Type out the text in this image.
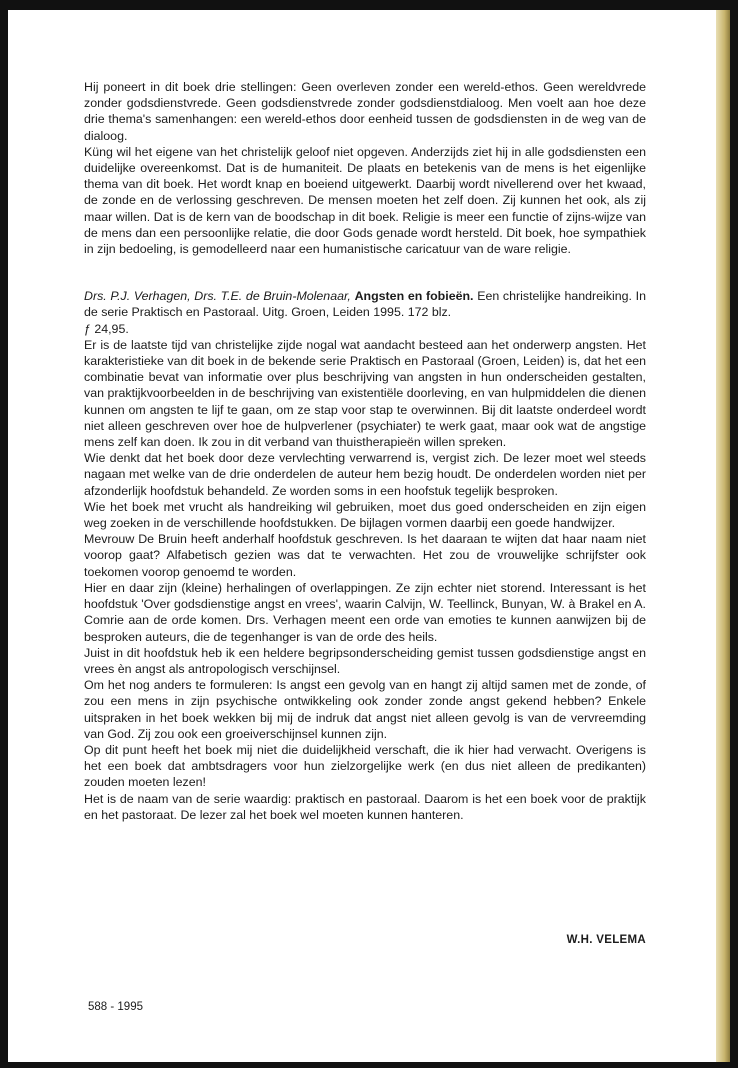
Hij poneert in dit boek drie stellingen: Geen overleven zonder een wereld-ethos. Geen wereldvrede zonder godsdienstvrede. Geen godsdienstvrede zonder godsdienstdialoog. Men voelt aan hoe deze drie thema's samenhangen: een wereld-ethos door eenheid tussen de godsdiensten in de weg van de dialoog.

Küng wil het eigene van het christelijk geloof niet opgeven. Anderzijds ziet hij in alle godsdiensten een duidelijke overeenkomst. Dat is de humaniteit. De plaats en betekenis van de mens is het eigenlijke thema van dit boek. Het wordt knap en boeiend uitgewerkt. Daarbij wordt nivellerend over het kwaad, de zonde en de verlossing geschreven. De mensen moeten het zelf doen. Zij kunnen het ook, als zij maar willen. Dat is de kern van de boodschap in dit boek. Religie is meer een functie of zijns-wijze van de mens dan een persoonlijke relatie, die door Gods genade wordt hersteld. Dit boek, hoe sympathiek in zijn bedoeling, is gemodelleerd naar een humanistische caricatuur van de ware religie.

Drs. P.J. Verhagen, Drs. T.E. de Bruin-Molenaar, Angsten en fobieën. Een christelijke handreiking. In de serie Praktisch en Pastoraal. Uitg. Groen, Leiden 1995. 172 blz.
ƒ 24,95.

Er is de laatste tijd van christelijke zijde nogal wat aandacht besteed aan het onderwerp angsten. Het karakteristieke van dit boek in de bekende serie Praktisch en Pastoraal (Groen, Leiden) is, dat het een combinatie bevat van informatie over plus beschrijving van angsten in hun onderscheiden gestalten, van praktijkvoorbeelden in de beschrijving van existentiële doorleving, en van hulpmiddelen die dienen kunnen om angsten te lijf te gaan, om ze stap voor stap te overwinnen. Bij dit laatste onderdeel wordt niet alleen geschreven over hoe de hulpverlener (psychiater) te werk gaat, maar ook wat de angstige mens zelf kan doen. Ik zou in dit verband van thuistherapieën willen spreken.

Wie denkt dat het boek door deze vervlechting verwarrend is, vergist zich. De lezer moet wel steeds nagaan met welke van de drie onderdelen de auteur hem bezig houdt. De onderdelen worden niet per afzonderlijk hoofdstuk behandeld. Ze worden soms in een hoofstuk tegelijk besproken.

Wie het boek met vrucht als handreiking wil gebruiken, moet dus goed onderscheiden en zijn eigen weg zoeken in de verschillende hoofdstukken. De bijlagen vormen daarbij een goede handwijzer.

Mevrouw De Bruin heeft anderhalf hoofdstuk geschreven. Is het daaraan te wijten dat haar naam niet voorop gaat? Alfabetisch gezien was dat te verwachten. Het zou de vrouwelijke schrijfster ook toekomen voorop genoemd te worden.

Hier en daar zijn (kleine) herhalingen of overlappingen. Ze zijn echter niet storend. Interessant is het hoofdstuk 'Over godsdienstige angst en vrees', waarin Calvijn, W. Teellinck, Bunyan, W. à Brakel en A. Comrie aan de orde komen. Drs. Verhagen meent een orde van emoties te kunnen aanwijzen bij de besproken auteurs, die de tegenhanger is van de orde des heils.

Juist in dit hoofdstuk heb ik een heldere begripsonderscheiding gemist tussen godsdienstige angst en vrees èn angst als antropologisch verschijnsel.

Om het nog anders te formuleren: Is angst een gevolg van en hangt zij altijd samen met de zonde, of zou een mens in zijn psychische ontwikkeling ook zonder zonde angst gekend hebben? Enkele uitspraken in het boek wekken bij mij de indruk dat angst niet alleen gevolg is van de vervreemding van God. Zij zou ook een groeiverschijnsel kunnen zijn.

Op dit punt heeft het boek mij niet die duidelijkheid verschaft, die ik hier had verwacht. Overigens is het een boek dat ambtsdragers voor hun zielzorgelijke werk (en dus niet alleen de predikanten) zouden moeten lezen!

Het is de naam van de serie waardig: praktisch en pastoraal. Daarom is het een boek voor de praktijk en het pastoraat. De lezer zal het boek wel moeten kunnen hanteren.

W.H. VELEMA
588 - 1995
